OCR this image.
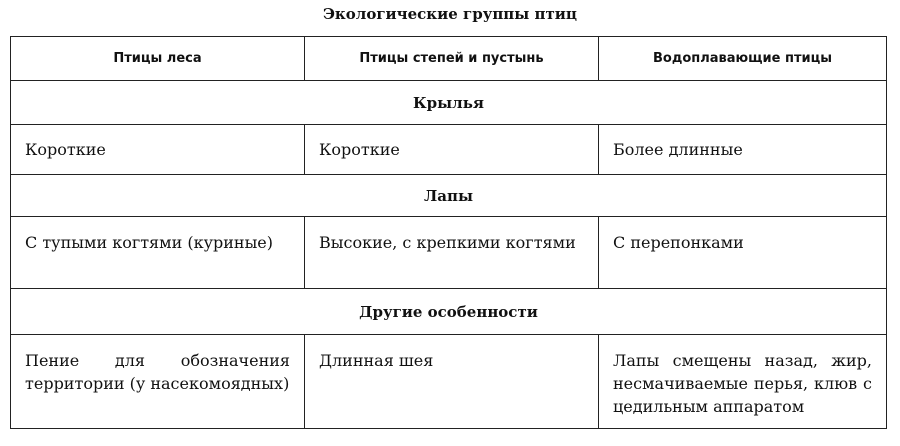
Экологические группы птиц
Птицы леса	Птицы степей и пустынь	Водоплавающие птицы
Крылья		
Короткие	Короткие	Более длинные
Лапы		
С тупыми когтями (куриные)	Высокие, с крепкими когтями	С перепонками
Другие особенности		
Пение для обозначения территории (у насекомоядных)	Длинная шея	Лапы смещены назад, жир, несмачиваемые перья, клюв с цедильным аппаратом
